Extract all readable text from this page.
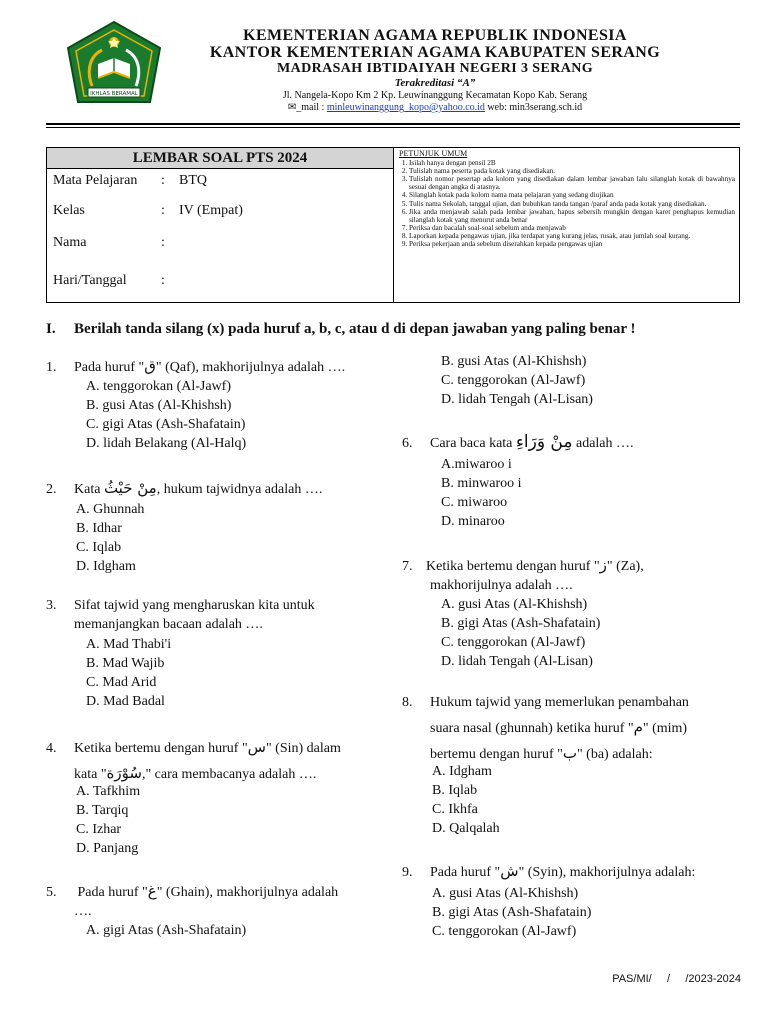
IKHLAS BERAMAL
KEMENTERIAN AGAMA REPUBLIK INDONESIA
KANTOR KEMENTERIAN AGAMA KABUPATEN SERANG
MADRASAH IBTIDAIYAH NEGERI 3 SERANG
Terakreditasi “A”
Jl. Nangela-Kopo Km 2 Kp. Leuwinanggung Kecamatan Kopo Kab. Serang
✉_mail : minleuwinanggung_kopo@yahoo.co.id web: min3serang.sch.id
LEMBAR SOAL PTS 2024
Mata Pelajaran : BTQ
Kelas	: IV (Empat)
Nama	:
Hari/Tanggal :
PETUNJUK UMUM
1. Isilah hanya dengan pensil 2B
2. Tulislah nama peserta pada kotak yang disediakan.
3. Tulislah nomor pesertap ada kolom yang disediakan dalam lembar jawaban lalu silanglah kotak di bawahnya sesuai dengan angka di atasnya.
4. Silanglah kotak pada kolom nama mata pelajaran yang sedang diujikan
5. Tulis nama Sekolah, tanggal ujian, dan bubuhkan tanda tangan /paraf anda pada kotak yang disediakan.
6. Jika anda menjawab salah pada lembar jawaban, hapus sebersih mungkin dengan karet penghapus kemudian silanglah kotak yang menurut anda benar
7. Periksa dan bacalah soal-soal sebelum anda menjawab
8. Laporkan kepada pengawas ujian, jika terdapat yang kurang jelas, rusak, atau jumlah soal kurang.
9. Periksa pekerjaan anda sebelum diserahkan kepada pengawas ujian
I. Berilah tanda silang (x) pada huruf a, b, c, atau d di depan jawaban yang paling benar !
1. Pada huruf "ق" (Qaf), makhorijulnya adalah ….
A. tenggorokan (Al-Jawf)
B. gusi Atas (Al-Khishsh)
C. gigi Atas (Ash-Shafatain)
D. lidah Belakang (Al-Halq)
2. Kata مِنْ حَيْثُ, hukum tajwidnya adalah ….
A. Ghunnah
B. Idhar
C. Iqlab
D. Idgham
3. Sifat tajwid yang mengharuskan kita untuk
memanjangkan bacaan adalah ….
A. Mad Thabi'i
B. Mad Wajib
C. Mad Arid
D. Mad Badal
4. Ketika bertemu dengan huruf "س" (Sin) dalam
kata "سُوْرَة," cara membacanya adalah ….
A. Tafkhim
B. Tarqiq
C. Izhar
D. Panjang
5. Pada huruf "غ" (Ghain), makhorijulnya adalah
….
A. gigi Atas (Ash-Shafatain)
B. gusi Atas (Al-Khishsh)
C. tenggorokan (Al-Jawf)
D. lidah Tengah (Al-Lisan)
6. Cara baca kata مِنْ وَرَاءِ adalah ….
A.miwaroo i
B. minwaroo i
C. miwaroo
D. minaroo
7. Ketika bertemu dengan huruf "ز" (Za),
makhorijulnya adalah ….
A. gusi Atas (Al-Khishsh)
B. gigi Atas (Ash-Shafatain)
C. tenggorokan (Al-Jawf)
D. lidah Tengah (Al-Lisan)
8. Hukum tajwid yang memerlukan penambahan
suara nasal (ghunnah) ketika huruf "م" (mim)
bertemu dengan huruf "ب" (ba) adalah:
A. Idgham
B. Iqlab
C. Ikhfa
D. Qalqalah
9. Pada huruf "ش" (Syin), makhorijulnya adalah:
A. gusi Atas (Al-Khishsh)
B. gigi Atas (Ash-Shafatain)
C. tenggorokan (Al-Jawf)
PAS/MI/     /     /2023-2024
